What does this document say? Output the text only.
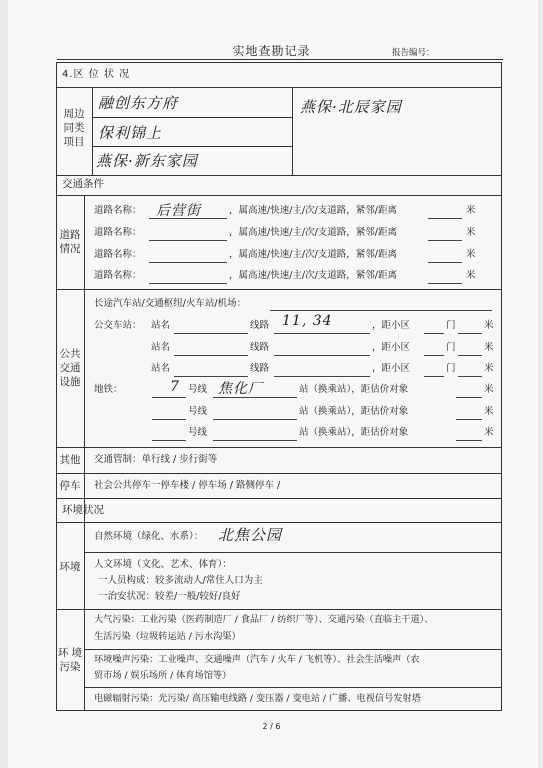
实地查勘记录	报告编号：
4.区 位 状 况
周边
同类
项目
融创东方府	燕保·北辰家园
保利锦上
燕保·新东家园
交通条件
道路
情况
道路名称： 后营街	，属高速/快速/主/次/支道路，紧邻/距离	米
道路名称：	，属高速/快速/主/次/支道路，紧邻/距离	米
道路名称：	，属高速/快速/主/次/支道路，紧邻/距离	米
道路名称：	，属高速/快速/主/次/支道路，紧邻/距离	米
公共
交通
设施
长途汽车站/交通枢纽/火车站/机场：
公交车站： 站名	线路 11, 34	，距小区	门	米
站名	线路	，距小区	门	米
站名	线路	，距小区	门	米
地铁：	7 号线 焦化厂	站（换乘站），距估价对象	米
号线	站（换乘站），距估价对象	米
号线	站（换乘站），距估价对象	米
其他	交通管制：单行线 / 步行街等
停车	社会公共停车一停车楼 / 停车场 / 路侧停车 /
环境状况
环境
自然环境（绿化、水系）： 北焦公园
人文环境（文化、艺术、体育）：
一人员构成：较多流动人/常住人口为主
一治安状况：较差/一般/较好/良好
环 境
污染
大气污染：工业污染（医药制造厂 / 食品厂 / 纺织厂等）、交通污染（直临主干道）、
生活污染（垃圾转运站 / 污水沟渠）
环境噪声污染：工业噪声、交通噪声（汽车 / 火车 / 飞机等）、社会生活噪声（农
贸市场 / 娱乐场所 / 体育场馆等）
电磁辐射污染：光污染/ 高压输电线路 / 变压器 / 变电站 / 广播、电视信号发射塔
2 / 6
